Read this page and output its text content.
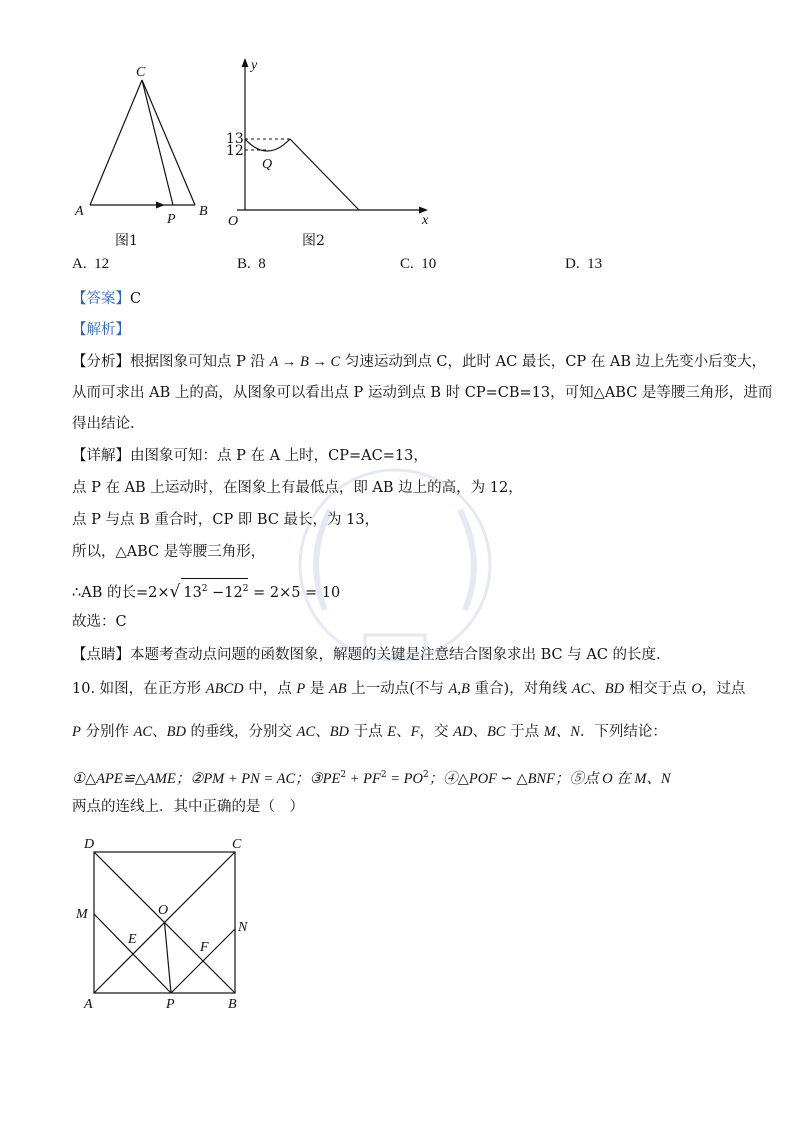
C
A
P
B
图1
y
x
O
Q
13
12
图2
A. 12	B. 8	C. 10	D. 13
【答案】C
【解析】
【分析】根据图象可知点 P 沿 A → B → C 匀速运动到点 C，此时 AC 最长，CP 在 AB 边上先变小后变大，
从而可求出 AB 上的高，从图象可以看出点 P 运动到点 B 时 CP=CB=13，可知△ABC 是等腰三角形，进而
得出结论.
【详解】由图象可知：点 P 在 A 上时，CP=AC=13，
点 P 在 AB 上运动时，在图象上有最低点，即 AB 边上的高，为 12，
点 P 与点 B 重合时，CP 即 BC 最长，为 13，
所以，△ABC 是等腰三角形，
∴AB 的长=2×√ $13^2 -12^2 = 2\times 5 = 10$
故选：C
【点睛】本题考查动点问题的函数图象，解题的关键是注意结合图象求出 BC 与 AC 的长度.
10. 如图，在正方形 ABCD 中，点 P 是 AB 上一动点(不与 A,B 重合)，对角线 AC、BD 相交于点 O，过点
P 分别作 AC、BD 的垂线，分别交 AC、BD 于点 E、F，交 AD、BC 于点 M、N．下列结论：
①△APE≌△AME；②PM + PN = AC；$③PE^2 + PF^2 = PO^2$；④△POF ∽ △BNF；⑤点 O 在 M、N
两点的连线上．其中正确的是（　）
D	C
M	O
N
E
F
A	P	B
